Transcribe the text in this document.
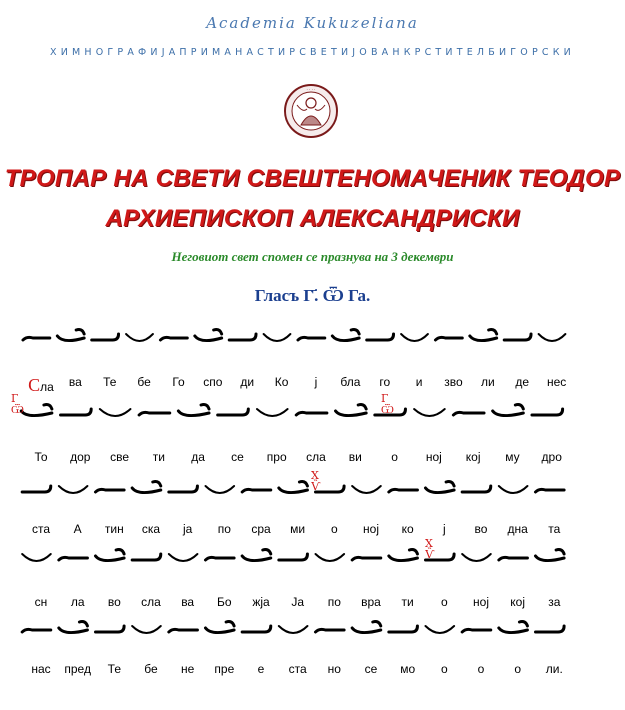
Academia Kukuzeliana
ХИМНОГРАФИЈАПРИМАНАСТИРСВЕТИЈОВАНКРСТИТЕЛБИГОРСКИ
· · · ·
ТРОПАР НА СВЕТИ СВЕШТЕНОМАЧЕНИК ТЕОДОР
АРХИЕПИСКОП АЛЕКСАНДРИСКИ
Неговиот свет спомен се празнува на 3 декември
Гласъ Г҃. Ѿ Га.
Сла ва Те бе Го спо ди Ко ј бла го и зво ли де нес
То дор све ти да се про сла ви о ној кој му дро
Г
Ѿ
Г
Ѿ
ста А тин ска ја по сра ми о ној ко ј во дна та
Х
Ѷ
сн ла во сла ва Бо жја Ја по вра ти о ној кој за
Х
Ѷ
нас пред Те бе не пре е ста но се мо о о о ли.
